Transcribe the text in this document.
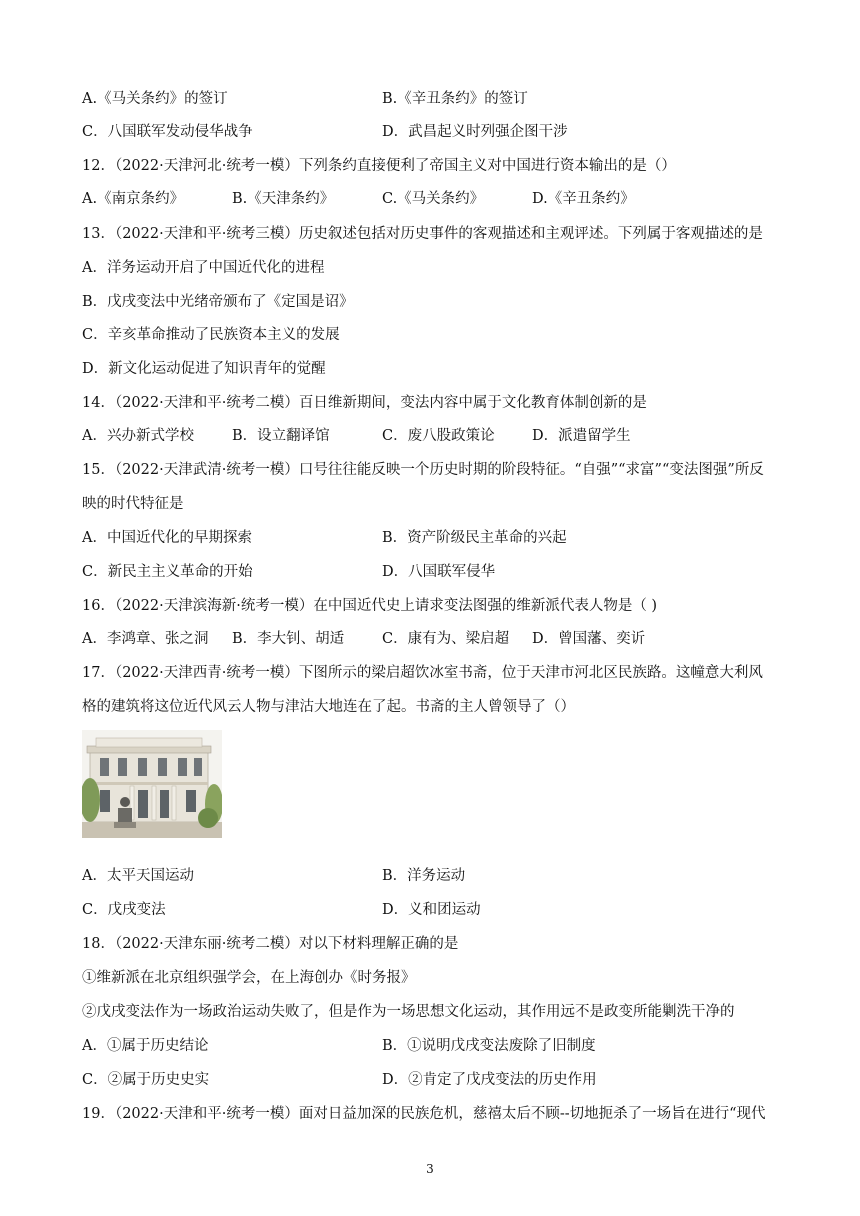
A.《马关条约》的签订	B.《辛丑条约》的签订
C．八国联军发动侵华战争	D．武昌起义时列强企图干涉
12．（2022·天津河北·统考一模）下列条约直接便利了帝国主义对中国进行资本输出的是（）
A.《南京条约》	B.《天津条约》	C.《马关条约》	D.《辛丑条约》
13．（2022·天津和平·统考三模）历史叙述包括对历史事件的客观描述和主观评述。下列属于客观描述的是
A．洋务运动开启了中国近代化的进程
B．戊戌变法中光绪帝颁布了《定国是诏》
C．辛亥革命推动了民族资本主义的发展
D．新文化运动促进了知识青年的觉醒
14．（2022·天津和平·统考二模）百日维新期间，变法内容中属于文化教育体制创新的是
A．兴办新式学校	B．设立翻译馆	C．废八股政策论	D．派遣留学生
15．（2022·天津武清·统考一模）口号往往能反映一个历史时期的阶段特征。“自强”“求富”“变法图强”所反
映的时代特征是
A．中国近代化的早期探索	B．资产阶级民主革命的兴起
C．新民主主义革命的开始	D．八国联军侵华
16．（2022·天津滨海新·统考一模）在中国近代史上请求变法图强的维新派代表人物是（ )
A．李鸿章、张之洞 B．李大钊、胡适	C．康有为、梁启超 D．曾国藩、奕䜣
17．（2022·天津西青·统考一模）下图所示的梁启超饮冰室书斋，位于天津市河北区民族路。这幢意大利风
格的建筑将这位近代风云人物与津沽大地连在了起。书斋的主人曾领导了（）
A．太平天国运动	B．洋务运动
C．戊戌变法	D．义和团运动
18．（2022·天津东丽·统考二模）对以下材料理解正确的是
①维新派在北京组织强学会，在上海创办《时务报》
②戊戌变法作为一场政治运动失败了，但是作为一场思想文化运动，其作用远不是政变所能剿洗干净的
A．①属于历史结论	B．①说明戊戌变法废除了旧制度
C．②属于历史史实	D．②肯定了戊戌变法的历史作用
19．（2022·天津和平·统考一模）面对日益加深的民族危机，慈禧太后不顾--切地扼杀了一场旨在进行“现代
3
